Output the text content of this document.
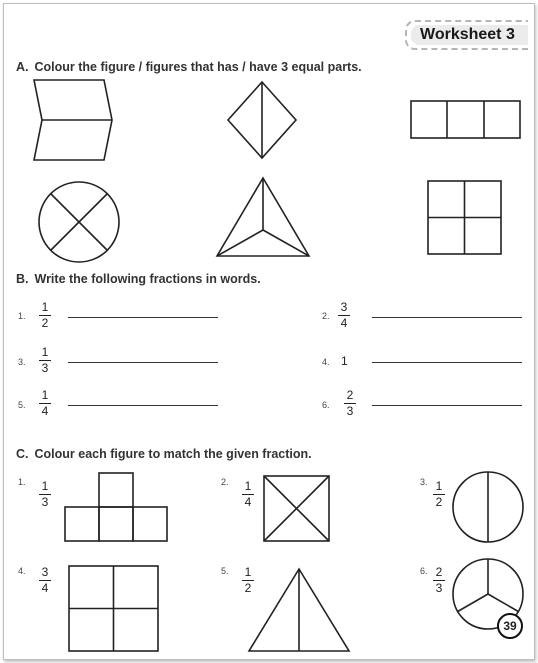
Worksheet 3
A. Colour the figure / figures that has / have 3 equal parts.
B. Write the following fractions in words.
1.
1
2	2.
3
4
3.
1
3	4. 1
5.
1
4	6.
2
3
C. Colour each figure to match the given fraction.
1.	1
3
2.	1
4
3. 1
2
4.	3
4
5.	1
2
6. 2
3
39
